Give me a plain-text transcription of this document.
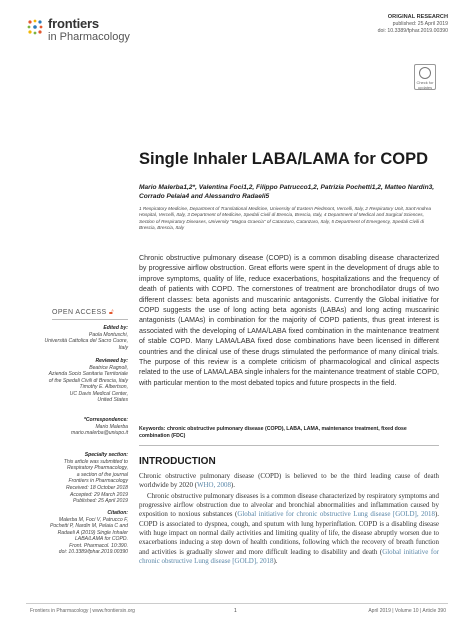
frontiers
in Pharmacology
ORIGINAL RESEARCH
published: 25 April 2019
doi: 10.3389/fphar.2019.00390
Check for updates
Single Inhaler LABA/LAMA for COPD
Mario Malerba1,2*, Valentina Foci1,2, Filippo Patrucco1,2, Patrizia Pochetti1,2, Matteo Nardin3, Corrado Pelaia4 and Alessandro Radaeli5
1 Respiratory Medicine, Department of Translational Medicine, University of Eastern Piedmont, Vercelli, Italy, 2 Respiratory Unit, Sant'Andrea Hospital, Vercelli, Italy, 3 Department of Medicine, Spedali Civili di Brescia, Brescia, Italy, 4 Department of Medical and Surgical Sciences, Section of Respiratory Diseases, University "Magna Graecia" of Catanzaro, Catanzaro, Italy, 5 Department of Emergency, Spedali Civili di Brescia, Brescia, Italy
Chronic obstructive pulmonary disease (COPD) is a common disabling disease characterized by progressive airflow obstruction. Great efforts were spent in the development of drugs able to improve symptoms, quality of life, reduce exacerbations, hospitalizations and the frequency of death of patients with COPD. The cornerstones of treatment are bronchodilator drugs of two different classes: beta agonists and muscarinic antagonists. Currently the Global initiative for COPD suggests the use of long acting beta agonists (LABAs) and long acting muscarinic antagonists (LAMAs) in combination for the majority of COPD patients, thus great interest is associated with the developing of LAMA/LABA fixed combination in the maintenance treatment of stable COPD. Many LAMA/LABA fixed dose combinations have been licensed in different countries and the clinical use of these drugs stimulated the performance of many clinical trials. The purpose of this review is a complete criticism of pharmacological and clinical aspects related to the use of LAMA/LABA single inhalers for the maintenance treatment of stable COPD, with particular mention to the most debated topics and future prospects in the field.
Keywords: chronic obstructive pulmonary disease (COPD), LABA, LAMA, maintenance treatment, fixed dose combination (FDC)
OPEN ACCESS 🔓︎
Edited by:
Paola Montuschi,
Università Cattolica del Sacro Cuore,
Italy
Reviewed by:
Beatrice Ragnoli,
Azienda Socio Sanitaria Territoriale
of the Spedali Civili di Brescia, Italy
Timothy E. Albertson,
UC Davis Medical Center,
United States
*Correspondence:
Mario Malerba
mario.malerba@uniupo.it
Specialty section:
This article was submitted to
Respiratory Pharmacology,
a section of the journal
Frontiers in Pharmacology
Received: 18 October 2018
Accepted: 29 March 2019
Published: 25 April 2019
Citation:
Malerba M, Foci V, Patrucco F,
Pochetti P, Nardin M, Pelaia C and
Radaeli A (2019) Single Inhaler
LABA/LAMA for COPD.
Front. Pharmacol. 10:390.
doi: 10.3389/fphar.2019.00390
INTRODUCTION
Chronic obstructive pulmonary disease (COPD) is believed to be the third leading cause of death worldwide by 2020 (WHO, 2008).
Chronic obstructive pulmonary diseases is a common disease characterized by respiratory symptoms and progressive airflow obstruction due to alveolar and bronchial abnormalities and inflammation caused by exposition to noxious substances (Global initiative for chronic obstructive Lung disease [GOLD], 2018). COPD is associated to dyspnea, cough, and sputum with lung hyperinflation. COPD is a disabling disease with huge impact on normal daily activities and limiting quality of life, the disease abruptly worsen due to exacerbations inducing a step down of health conditions, following which the recovery of breath function and activities is gradually slower and more difficult leading to disability and death (Global initiative for chronic obstructive Lung disease [GOLD], 2018).
Frontiers in Pharmacology | www.frontiersin.org	1	April 2019 | Volume 10 | Article 390
